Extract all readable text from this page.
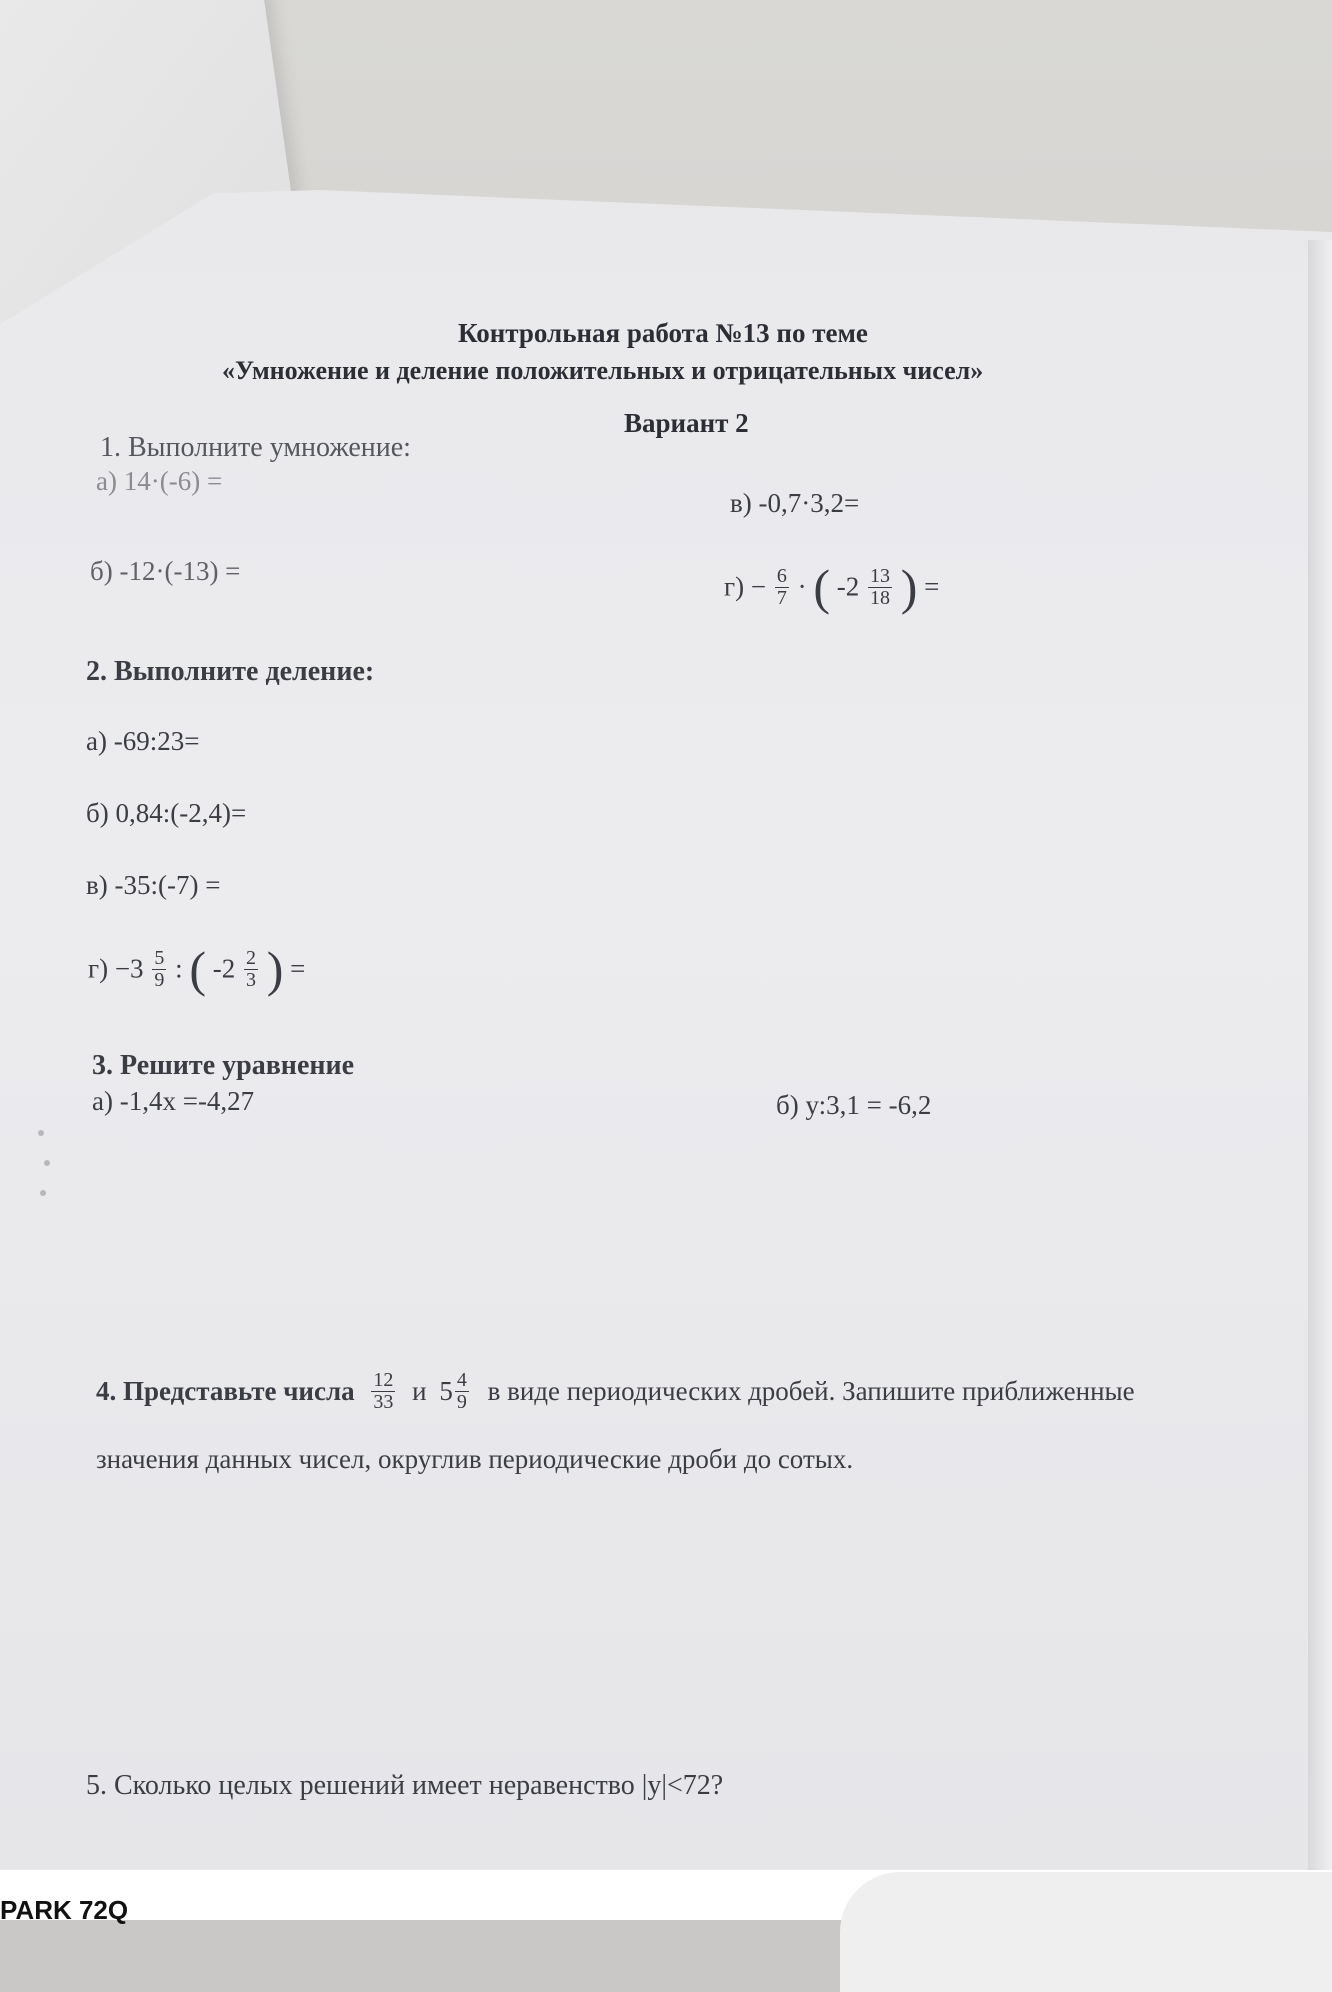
Контрольная работа №13 по теме
«Умножение и деление положительных и отрицательных чисел»
Вариант 2
1. Выполните умножение:
а) 14·(-6) =
в) -0,7·3,2=
б) -12·(-13) =
$г) - \frac{6}{7}$ · ( $-2 \frac{13}{18}$ ) =
2. Выполните деление:
а) -69:23=
б) 0,84:(-2,4)=
в) -35:(-7) =
$г) -3 \frac{5}{9}$ : ( $-2 \frac{2}{3}$ ) =
3. Решите уравнение
а) -1,4х =-4,27	б) у:3,1 = -6,2
4. Представьте числа $\frac{12}{33}$ и $5 \frac{4}{9}$ в виде периодических дробей. Запишите приближенные
значения данных чисел, округлив периодические дроби до сотых.
5. Сколько целых решений имеет неравенство |y|<72?
PARK 72Q
